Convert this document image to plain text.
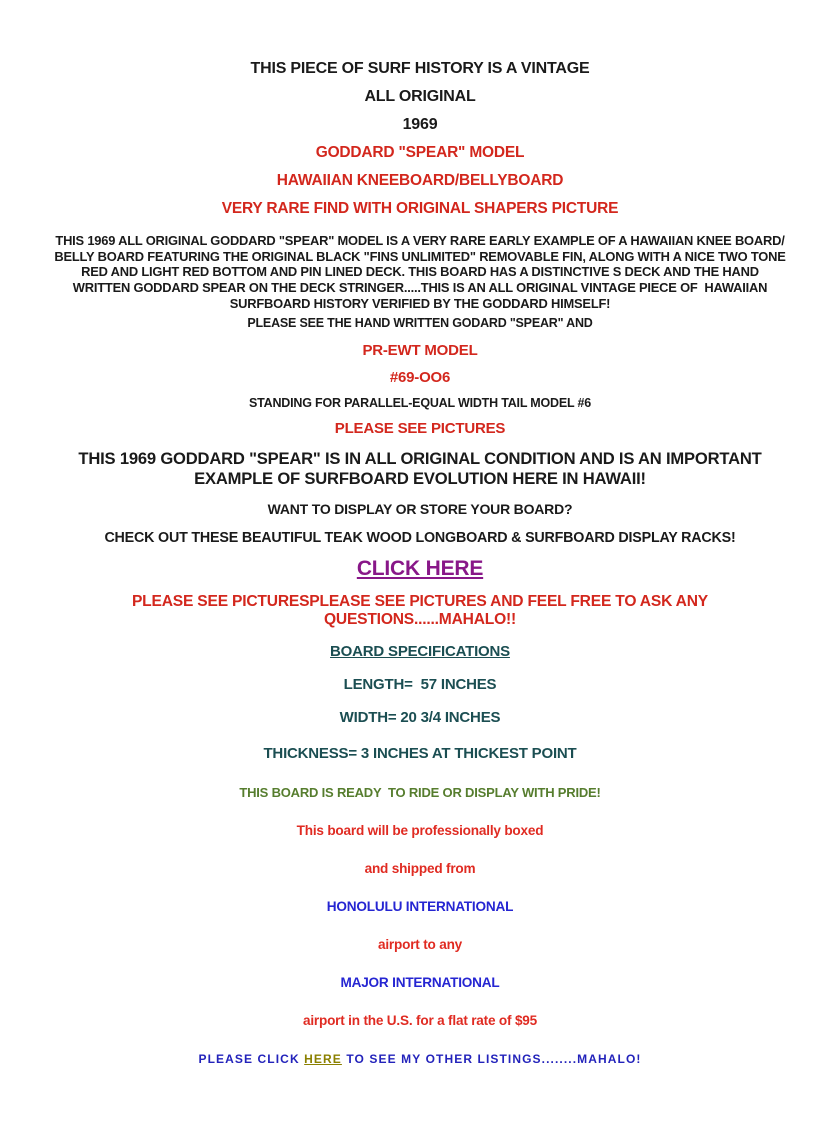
THIS PIECE OF SURF HISTORY IS A VINTAGE

ALL ORIGINAL

1969

GODDARD "SPEAR" MODEL

HAWAIIAN KNEEBOARD/BELLYBOARD

VERY RARE FIND WITH ORIGINAL SHAPERS PICTURE

THIS 1969 ALL ORIGINAL GODDARD "SPEAR" MODEL IS A VERY RARE EARLY EXAMPLE OF A HAWAIIAN KNEE BOARD/ BELLY BOARD FEATURING THE ORIGINAL BLACK "FINS UNLIMITED" REMOVABLE FIN, ALONG WITH A NICE TWO TONE RED AND LIGHT RED BOTTOM AND PIN LINED DECK. THIS BOARD HAS A DISTINCTIVE S DECK AND THE HAND WRITTEN GODDARD SPEAR ON THE DECK STRINGER.....THIS IS AN ALL ORIGINAL VINTAGE PIECE OF  HAWAIIAN SURFBOARD HISTORY VERIFIED BY THE GODDARD HIMSELF!

PLEASE SEE THE HAND WRITTEN GODARD "SPEAR" AND

PR-EWT MODEL

#69-OO6

STANDING FOR PARALLEL-EQUAL WIDTH TAIL MODEL #6

PLEASE SEE PICTURES

THIS 1969 GODDARD "SPEAR" IS IN ALL ORIGINAL CONDITION AND IS AN IMPORTANT EXAMPLE OF SURFBOARD EVOLUTION HERE IN HAWAII!

WANT TO DISPLAY OR STORE YOUR BOARD?

CHECK OUT THESE BEAUTIFUL TEAK WOOD LONGBOARD & SURFBOARD DISPLAY RACKS!

CLICK HERE

PLEASE SEE PICTURESPLEASE SEE PICTURES AND FEEL FREE TO ASK ANY QUESTIONS......MAHALO!!

BOARD SPECIFICATIONS

LENGTH=  57 INCHES

WIDTH= 20 3/4 INCHES

THICKNESS= 3 INCHES AT THICKEST POINT

THIS BOARD IS READY  TO RIDE OR DISPLAY WITH PRIDE!

This board will be professionally boxed

and shipped from

HONOLULU INTERNATIONAL

airport to any

MAJOR INTERNATIONAL

airport in the U.S. for a flat rate of $95

PLEASE CLICK HERE TO SEE MY OTHER LISTINGS........MAHALO!
